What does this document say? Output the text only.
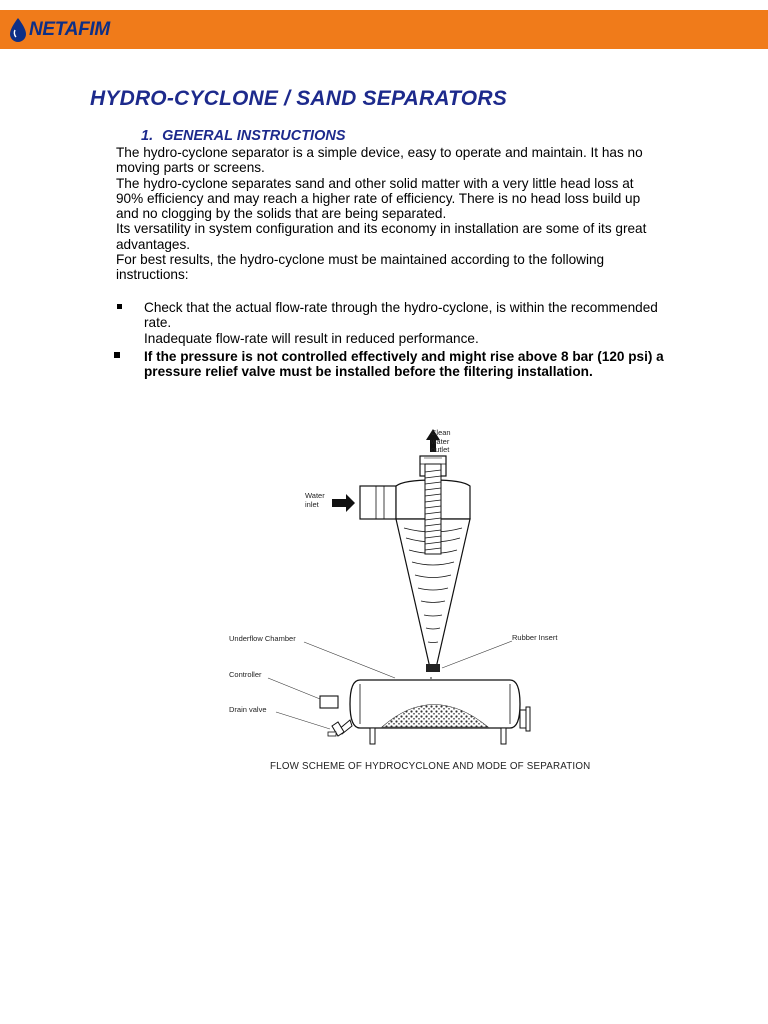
NETAFIM
HYDRO-CYCLONE / SAND SEPARATORS
1. GENERAL INSTRUCTIONS

The hydro-cyclone separator is a simple device, easy to operate and maintain. It has no moving parts or screens.

The hydro-cyclone separates sand and other solid matter with a very little head loss at 90% efficiency and may reach a higher rate of efficiency. There is no head loss build up and no clogging by the solids that are being separated.

Its versatility in system configuration and its economy in installation are some of its great advantages.

For best results, the hydro-cyclone must be maintained according to the following instructions:

Check that the actual flow-rate through the hydro-cyclone, is within the recommended rate.

Inadequate flow-rate will result in reduced performance.

If the pressure is not controlled effectively and might rise above 8 bar (120 psi) a

pressure relief valve must be installed before the filtering installation.

Clean
water
outlet
Water
inlet
Underflow Chamber	Rubber Insert
Controller
Drain valve
FLOW SCHEME OF HYDROCYCLONE AND MODE OF SEPARATION
